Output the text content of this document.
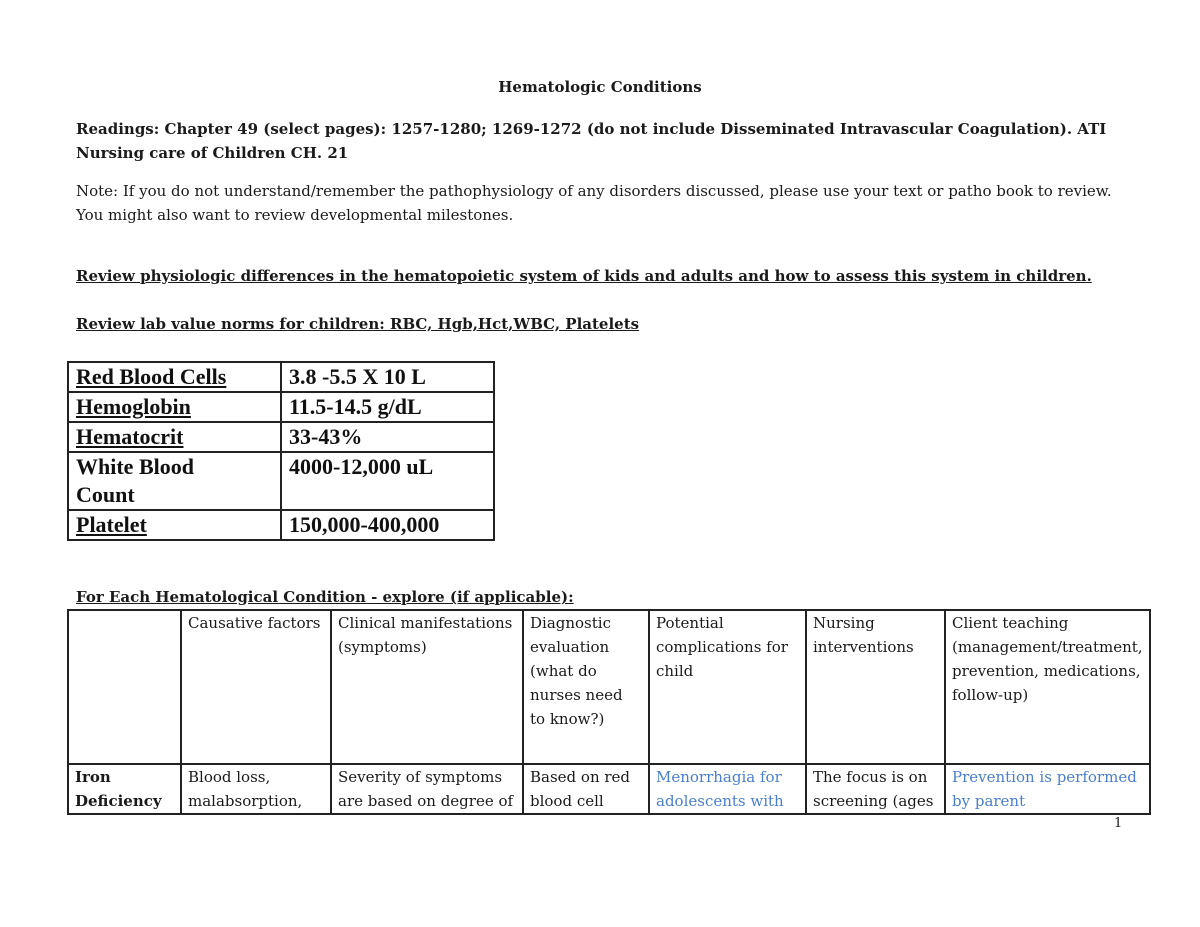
Hematologic Conditions
Readings: Chapter 49 (select pages): 1257-1280; 1269-1272 (do not include Disseminated Intravascular Coagulation). ATI Nursing care of Children CH. 21
Note: If you do not understand/remember the pathophysiology of any disorders discussed, please use your text or patho book to review. You might also want to review developmental milestones.
Review physiologic differences in the hematopoietic system of kids and adults and how to assess this system in children.
Review lab value norms for children: RBC, Hgb,Hct,WBC, Platelets
Red Blood Cells	3.8 -5.5 X 10 L
Hemoglobin	11.5-14.5 g/dL
Hematocrit	33-43%
White Blood Count	4000-12,000 uL
Platelet	150,000-400,000
For Each Hematological Condition - explore (if applicable):
	Causative factors	Clinical manifestations (symptoms)	Diagnostic evaluation (what do nurses need to know?)	Potential complications for child	Nursing interventions	Client teaching (management/treatment, prevention, medications, follow-up)
Iron Deficiency	Blood loss, malabsorption,	Severity of symptoms are based on degree of	Based on red blood cell	Menorrhagia for adolescents with	The focus is on screening (ages	Prevention is performed by parent
1
